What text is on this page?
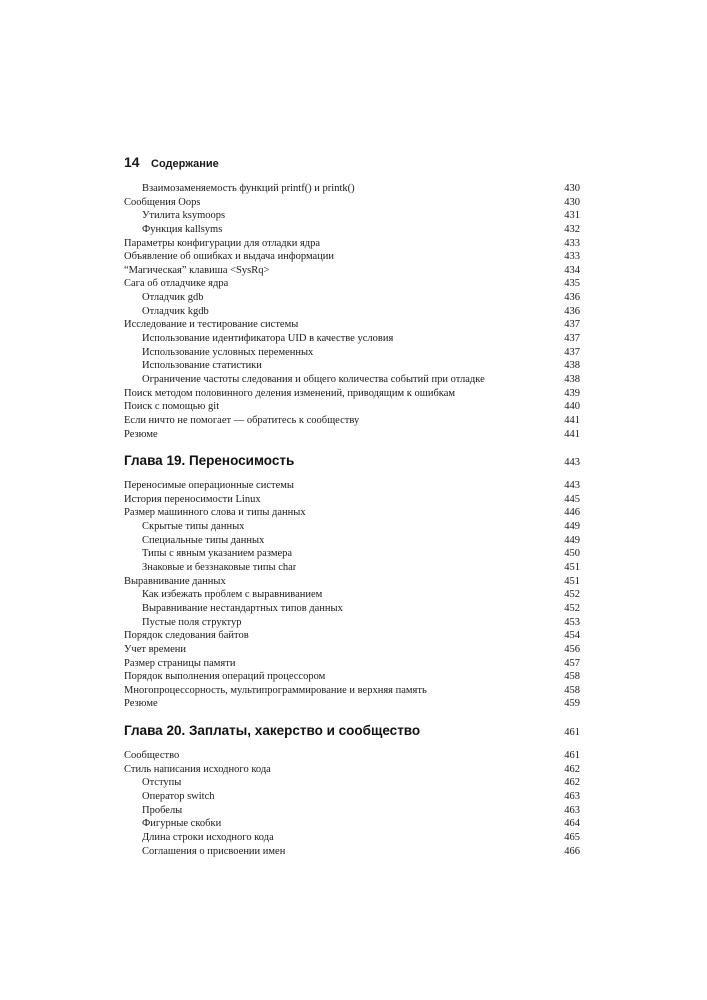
14	Содержание
Взаимозаменяемость функций printf() и printk()	430
Сообщения Oops	430
Утилита ksymoops	431
Функция kallsyms	432
Параметры конфигурации для отладки ядра	433
Объявление об ошибках и выдача информации	433
“Магическая” клавиша <SysRq>	434
Сага об отладчике ядра	435
Отладчик gdb	436
Отладчик kgdb	436
Исследование и тестирование системы	437
Использование идентификатора UID в качестве условия	437
Использование условных переменных	437
Использование статистики	438
Ограничение частоты следования и общего количества событий при отладке	438
Поиск методом половинного деления изменений, приводящим к ошибкам	439
Поиск с помощью git	440
Если ничто не помогает — обратитесь к сообществу	441
Резюме	441
Глава 19. Переносимость	443
Переносимые операционные системы	443
История переносимости Linux	445
Размер машинного слова и типы данных	446
Скрытые типы данных	449
Специальные типы данных	449
Типы с явным указанием размера	450
Знаковые и беззнаковые типы char	451
Выравнивание данных	451
Как избежать проблем с выравниванием	452
Выравнивание нестандартных типов данных	452
Пустые поля структур	453
Порядок следования байтов	454
Учет времени	456
Размер страницы памяти	457
Порядок выполнения операций процессором	458
Многопроцессорность, мультипрограммирование и верхняя память	458
Резюме	459
Глава 20. Заплаты, хакерство и сообщество	461
Сообщество	461
Стиль написания исходного кода	462
Отступы	462
Оператор switch	463
Пробелы	463
Фигурные скобки	464
Длина строки исходного кода	465
Соглашения о присвоении имен	466
